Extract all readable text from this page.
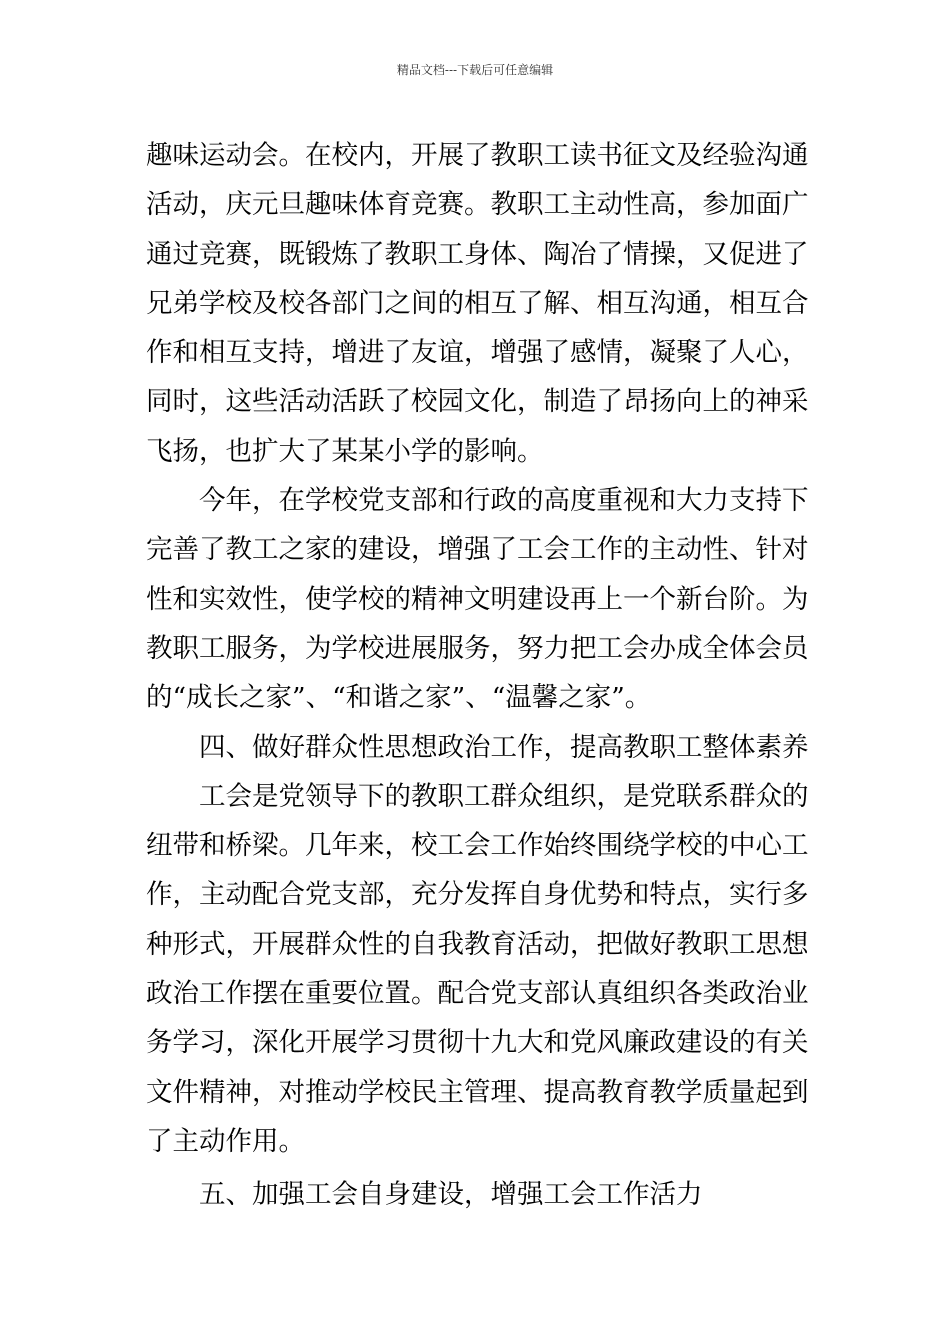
精品文档---下载后可任意编辑
趣味运动会。在校内，开展了教职工读书征文及经验沟通
活动，庆元旦趣味体育竞赛。教职工主动性高，参加面广
通过竞赛，既锻炼了教职工身体、陶冶了情操，又促进了
兄弟学校及校各部门之间的相互了解、相互沟通，相互合
作和相互支持，增进了友谊，增强了感情，凝聚了人心，
同时，这些活动活跃了校园文化，制造了昂扬向上的神采
飞扬，也扩大了某某小学的影响。
今年，在学校党支部和行政的高度重视和大力支持下
完善了教工之家的建设，增强了工会工作的主动性、针对
性和实效性，使学校的精神文明建设再上一个新台阶。为
教职工服务，为学校进展服务，努力把工会办成全体会员
的“成长之家”、“和谐之家”、“温馨之家”。
四、做好群众性思想政治工作，提高教职工整体素养
工会是党领导下的教职工群众组织，是党联系群众的
纽带和桥梁。几年来，校工会工作始终围绕学校的中心工
作，主动配合党支部，充分发挥自身优势和特点，实行多
种形式，开展群众性的自我教育活动，把做好教职工思想
政治工作摆在重要位置。配合党支部认真组织各类政治业
务学习，深化开展学习贯彻十九大和党风廉政建设的有关
文件精神，对推动学校民主管理、提高教育教学质量起到
了主动作用。
五、加强工会自身建设，增强工会工作活力
